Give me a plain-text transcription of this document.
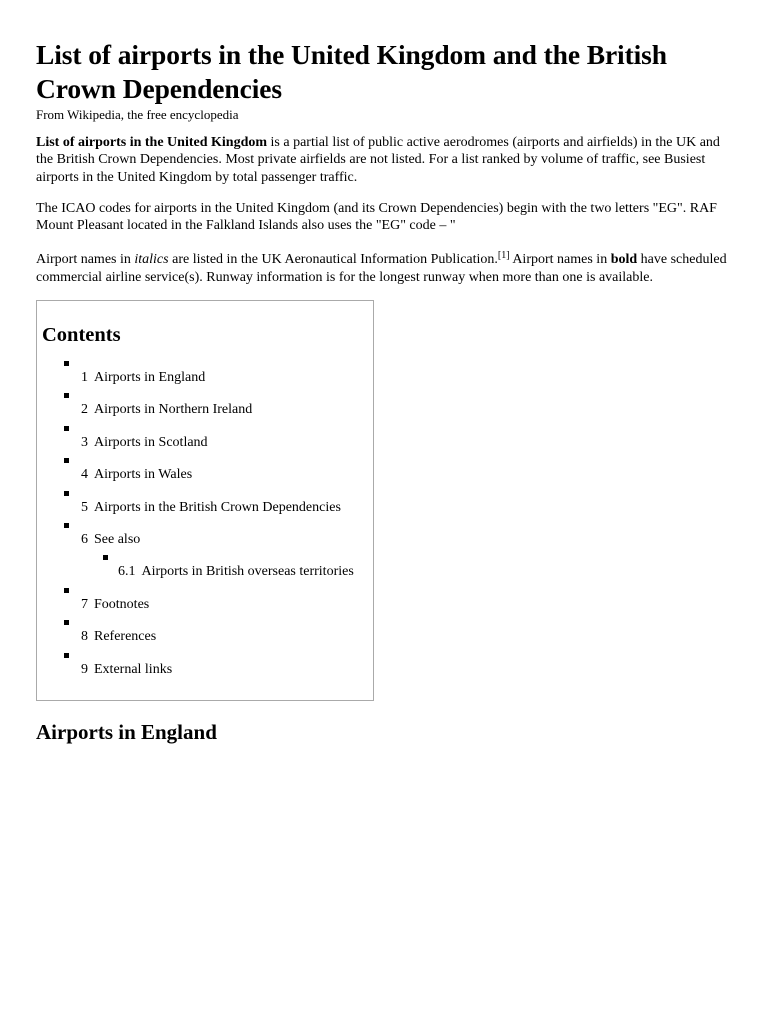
List of airports in the United Kingdom and the British Crown Dependencies
From Wikipedia, the free encyclopedia

List of airports in the United Kingdom is a partial list of public active aerodromes (airports and airfields) in the UK and the British Crown Dependencies. Most private airfields are not listed. For a list ranked by volume of traffic, see Busiest airports in the United Kingdom by total passenger traffic.

The ICAO codes for airports in the United Kingdom (and its Crown Dependencies) begin with the two letters "EG". RAF Mount Pleasant located in the Falkland Islands also uses the "EG" code – "

Airport names in italics are listed in the UK Aeronautical Information Publication.[1] Airport names in bold have scheduled commercial airline service(s). Runway information is for the longest runway when more than one is available.

Contents
1 Airports in England
2 Airports in Northern Ireland
3 Airports in Scotland
4 Airports in Wales
5 Airports in the British Crown Dependencies
6 See also
6.1 Airports in British overseas territories
7 Footnotes
8 References
9 External links
Airports in England
